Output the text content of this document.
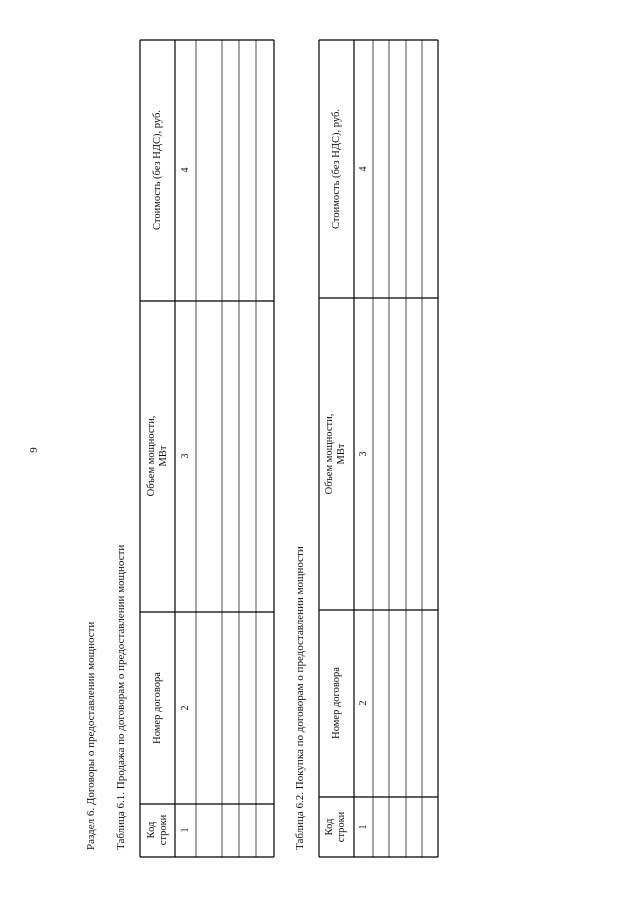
9
Раздел 6. Договоры о предоставлении мощности Таблица 6.1. Продажа по договорам о предоставлении мощности Код строки
Номер договора
Объем мощности, МВт
Стоимость (без НДС), руб.
1
2
3
4
Таблица 6.2. Покупка по договорам о предоставлении мощности Код строки
Номер договора
Объем мощности, МВт
Стоимость (без НДС), руб.
1
2
3
4
